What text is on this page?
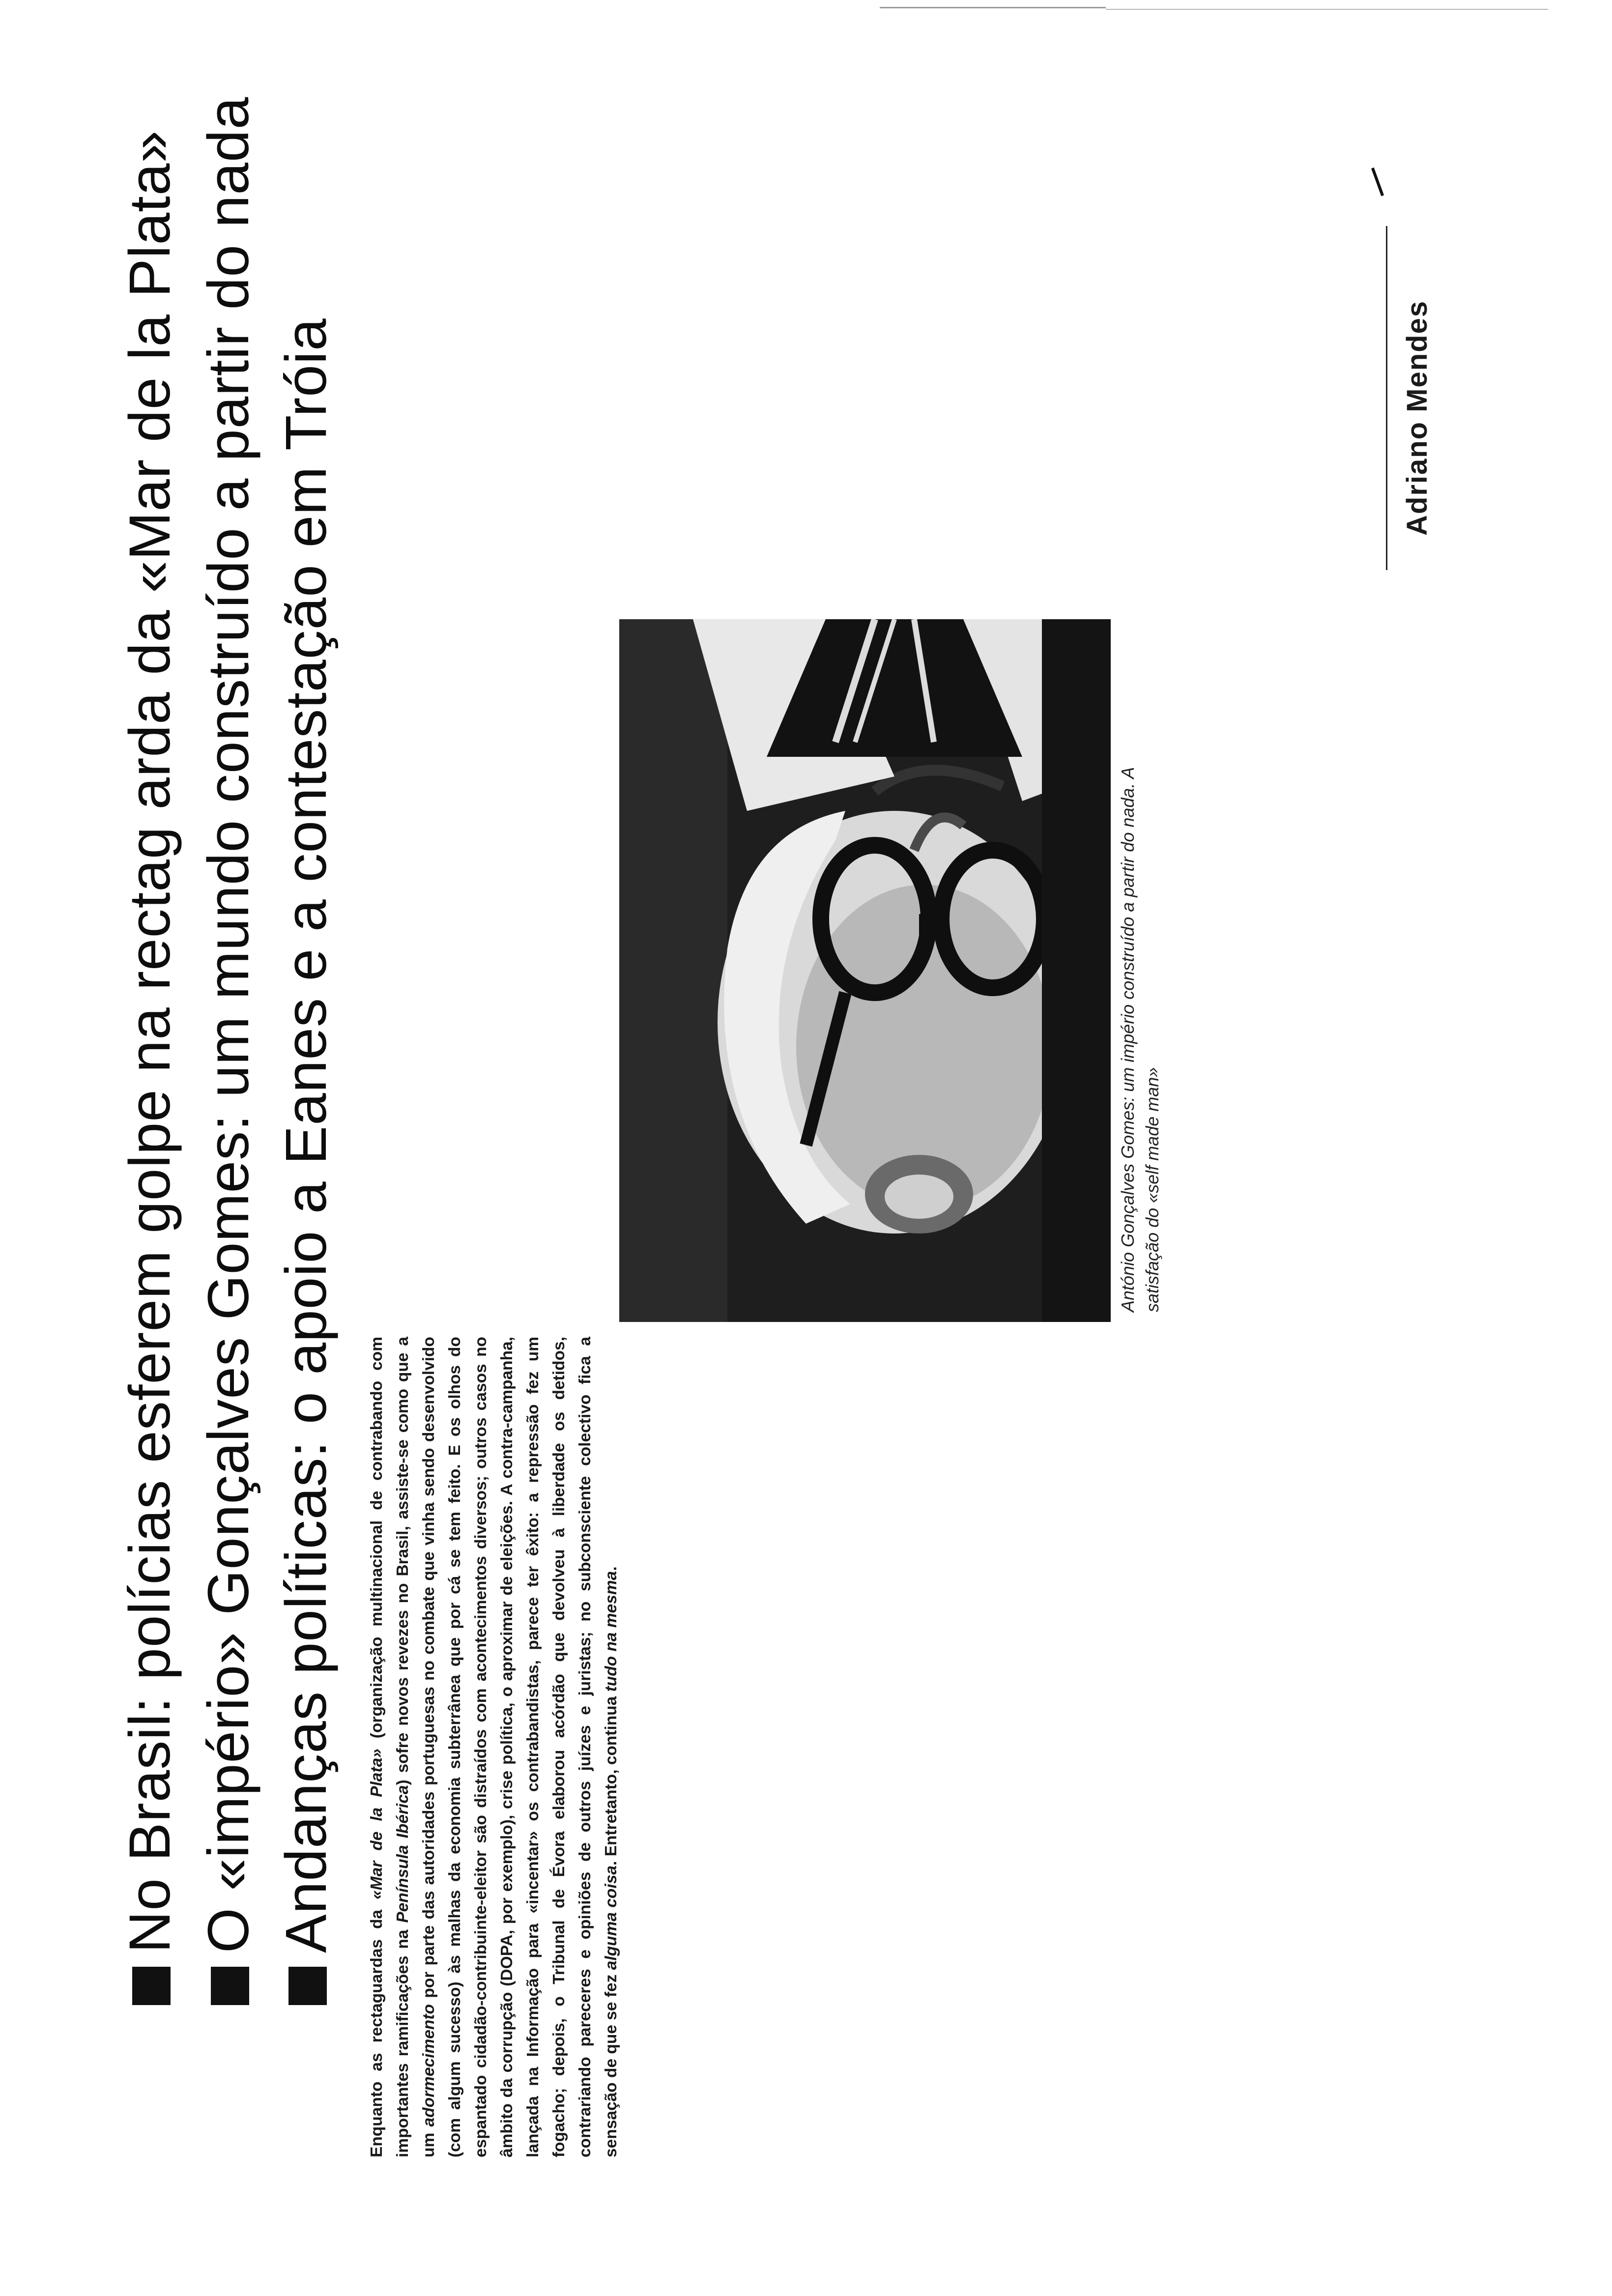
No Brasil: polícias esferem golpe na rectag arda da «Mar de la Plata» O «império» Gonçalves Gomes: um mundo construído a partir do nada Andanças políticas: o apoio a Eanes e a contestação em Tróia
Enquanto as rectaguardas da «Mar de la Plata» (organização multinacional de contrabando com importantes ramificações na Península Ibérica) sofre novos revezes no Brasil, assiste-se como que a um adormecimento por parte das autoridades portuguesas no combate que vinha sendo desenvolvido (com algum sucesso) às malhas da economia subterrânea que por cá se tem feito. E os olhos do espantado cidadão-contribuinte-eleitor são distraídos com acontecimentos diversos; outros casos no âmbito da corrupção (DOPA, por exemplo), crise política, o aproximar de eleições. A contra-campanha, lançada na Informação para «incentar» os contrabandistas, parece ter êxito: a repressão fez um fogacho; depois, o Tribunal de Évora elaborou acórdão que devolveu à liberdade os detidos, contrariando pareceres e opiniões de outros juízes e juristas; no subconsciente colectivo fica a sensação de que se fez alguma coisa. Entretanto, continua tudo na mesma.
António Gonçalves Gomes: um império construído a partir do nada. A satisfação do «self made man»
Adriano Mendes
